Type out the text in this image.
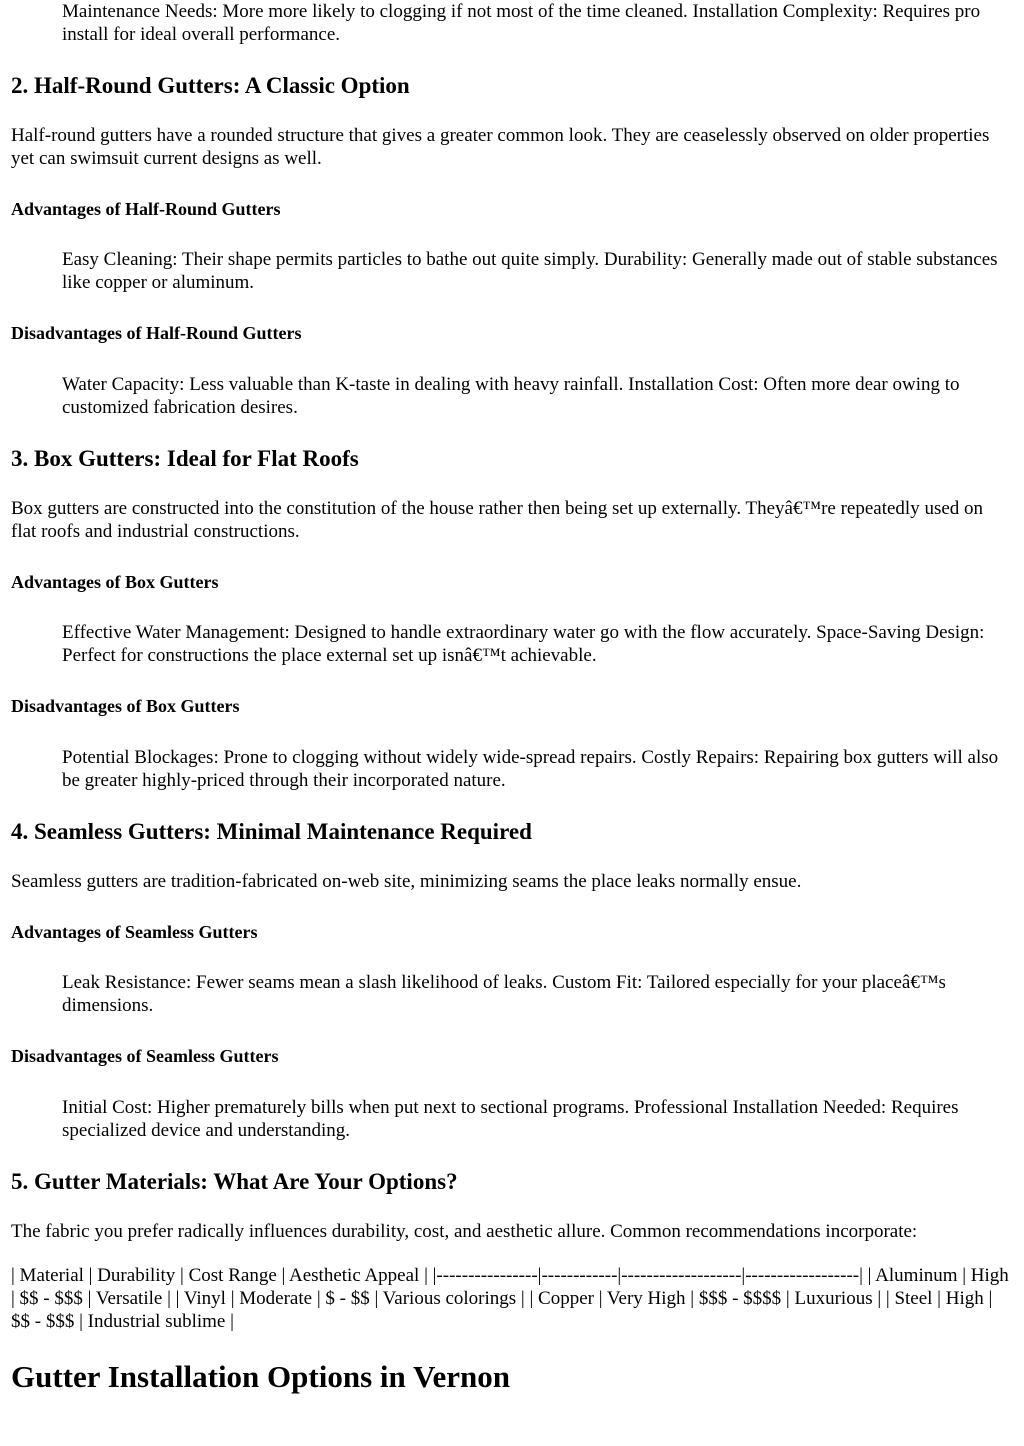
Maintenance Needs: More more likely to clogging if not most of the time cleaned. Installation Complexity: Requires pro install for ideal overall performance.
2. Half-Round Gutters: A Classic Option

Half-round gutters have a rounded structure that gives a greater common look. They are ceaselessly observed on older properties yet can swimsuit current designs as well.

Advantages of Half-Round Gutters
Easy Cleaning: Their shape permits particles to bathe out quite simply. Durability: Generally made out of stable substances like copper or aluminum.
Disadvantages of Half-Round Gutters
Water Capacity: Less valuable than K-taste in dealing with heavy rainfall. Installation Cost: Often more dear owing to customized fabrication desires.
3. Box Gutters: Ideal for Flat Roofs

Box gutters are constructed into the constitution of the house rather then being set up externally. Theyâ€™re repeatedly used on flat roofs and industrial constructions.

Advantages of Box Gutters
Effective Water Management: Designed to handle extraordinary water go with the flow accurately. Space-Saving Design: Perfect for constructions the place external set up isnâ€™t achievable.
Disadvantages of Box Gutters
Potential Blockages: Prone to clogging without widely wide-spread repairs. Costly Repairs: Repairing box gutters will also be greater highly-priced through their incorporated nature.
4. Seamless Gutters: Minimal Maintenance Required

Seamless gutters are tradition-fabricated on-web site, minimizing seams the place leaks normally ensue.

Advantages of Seamless Gutters
Leak Resistance: Fewer seams mean a slash likelihood of leaks. Custom Fit: Tailored especially for your placeâ€™s dimensions.
Disadvantages of Seamless Gutters
Initial Cost: Higher prematurely bills when put next to sectional programs. Professional Installation Needed: Requires specialized device and understanding.
5. Gutter Materials: What Are Your Options?

The fabric you prefer radically influences durability, cost, and aesthetic allure. Common recommendations incorporate:

| Material | Durability | Cost Range | Aesthetic Appeal | |----------------|------------|-------------------|------------------| | Aluminum | High | $$ - $$$ | Versatile | | Vinyl | Moderate | $ - $$ | Various colorings | | Copper | Very High | $$$ - $$$$ | Luxurious | | Steel | High | $$ - $$$ | Industrial sublime |

Gutter Installation Options in Vernon
